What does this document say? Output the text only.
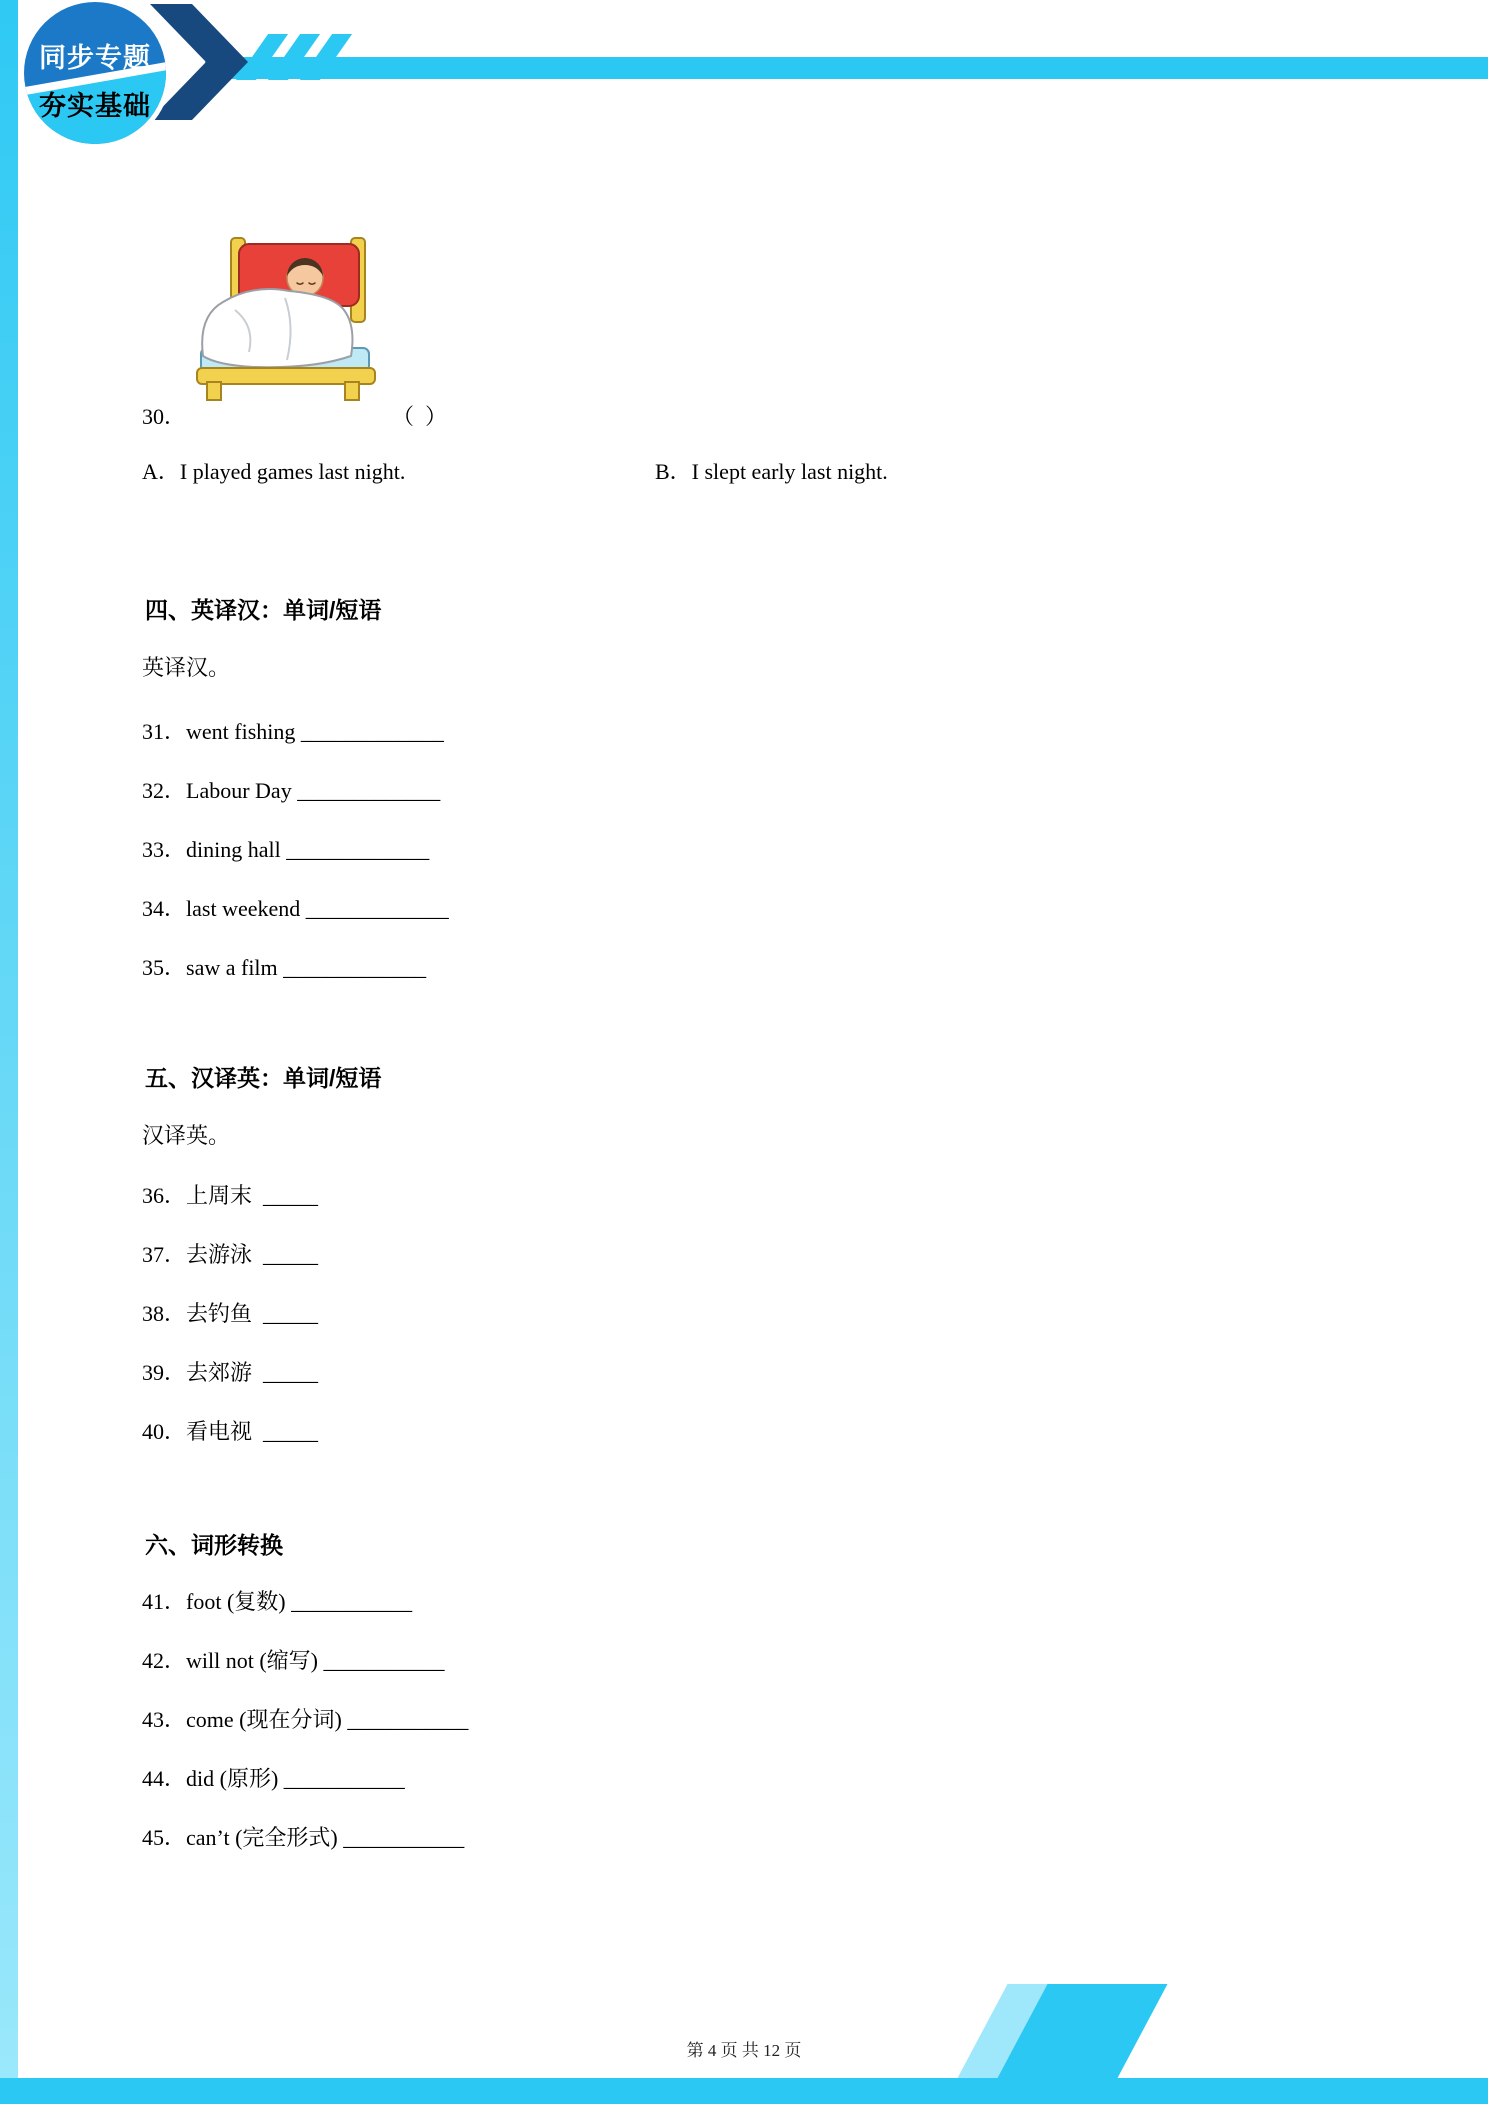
同步专题
夯实基础
30．	（  ）
A．I played games last night.	B．I slept early last night.
四、英译汉：单词/短语
英译汉。
31．went fishing _____________
32．Labour Day _____________
33．dining hall _____________
34．last weekend _____________
35．saw a film _____________
五、汉译英：单词/短语
汉译英。
36．上周末  _____
37．去游泳  _____
38．去钓鱼  _____
39．去郊游  _____
40．看电视  _____
六、词形转换
41．foot (复数) ___________
42．will not (缩写) ___________
43．come (现在分词) ___________
44．did (原形) ___________
45．can’t (完全形式) ___________
第 4 页 共 12 页
